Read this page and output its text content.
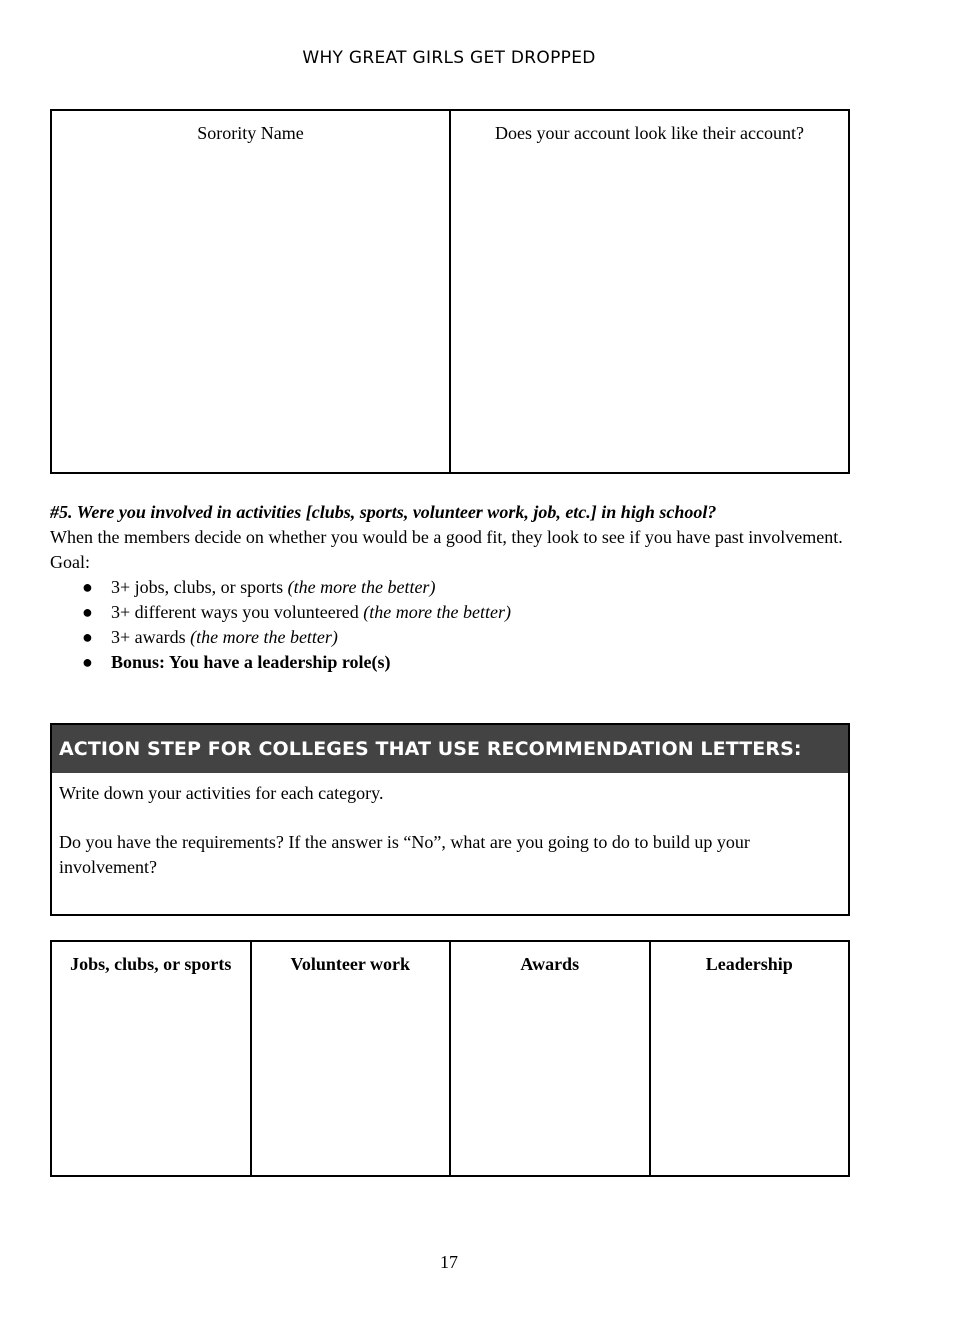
WHY GREAT GIRLS GET DROPPED
Sorority Name	Does your account look like their account?

#5. Were you involved in activities [clubs, sports, volunteer work, job, etc.] in high school?

When the members decide on whether you would be a good fit, they look to see if you have past involvement.

Goal:

● 3+ jobs, clubs, or sports (the more the better)
● 3+ different ways you volunteered (the more the better)
● 3+ awards (the more the better)
● Bonus: You have a leadership role(s)
ACTION STEP FOR COLLEGES THAT USE RECOMMENDATION LETTERS:

Write down your activities for each category.

Do you have the requirements? If the answer is “No”, what are you going to do to build up your involvement?

Jobs, clubs, or sports	Volunteer work	Awards	Leadership
17
